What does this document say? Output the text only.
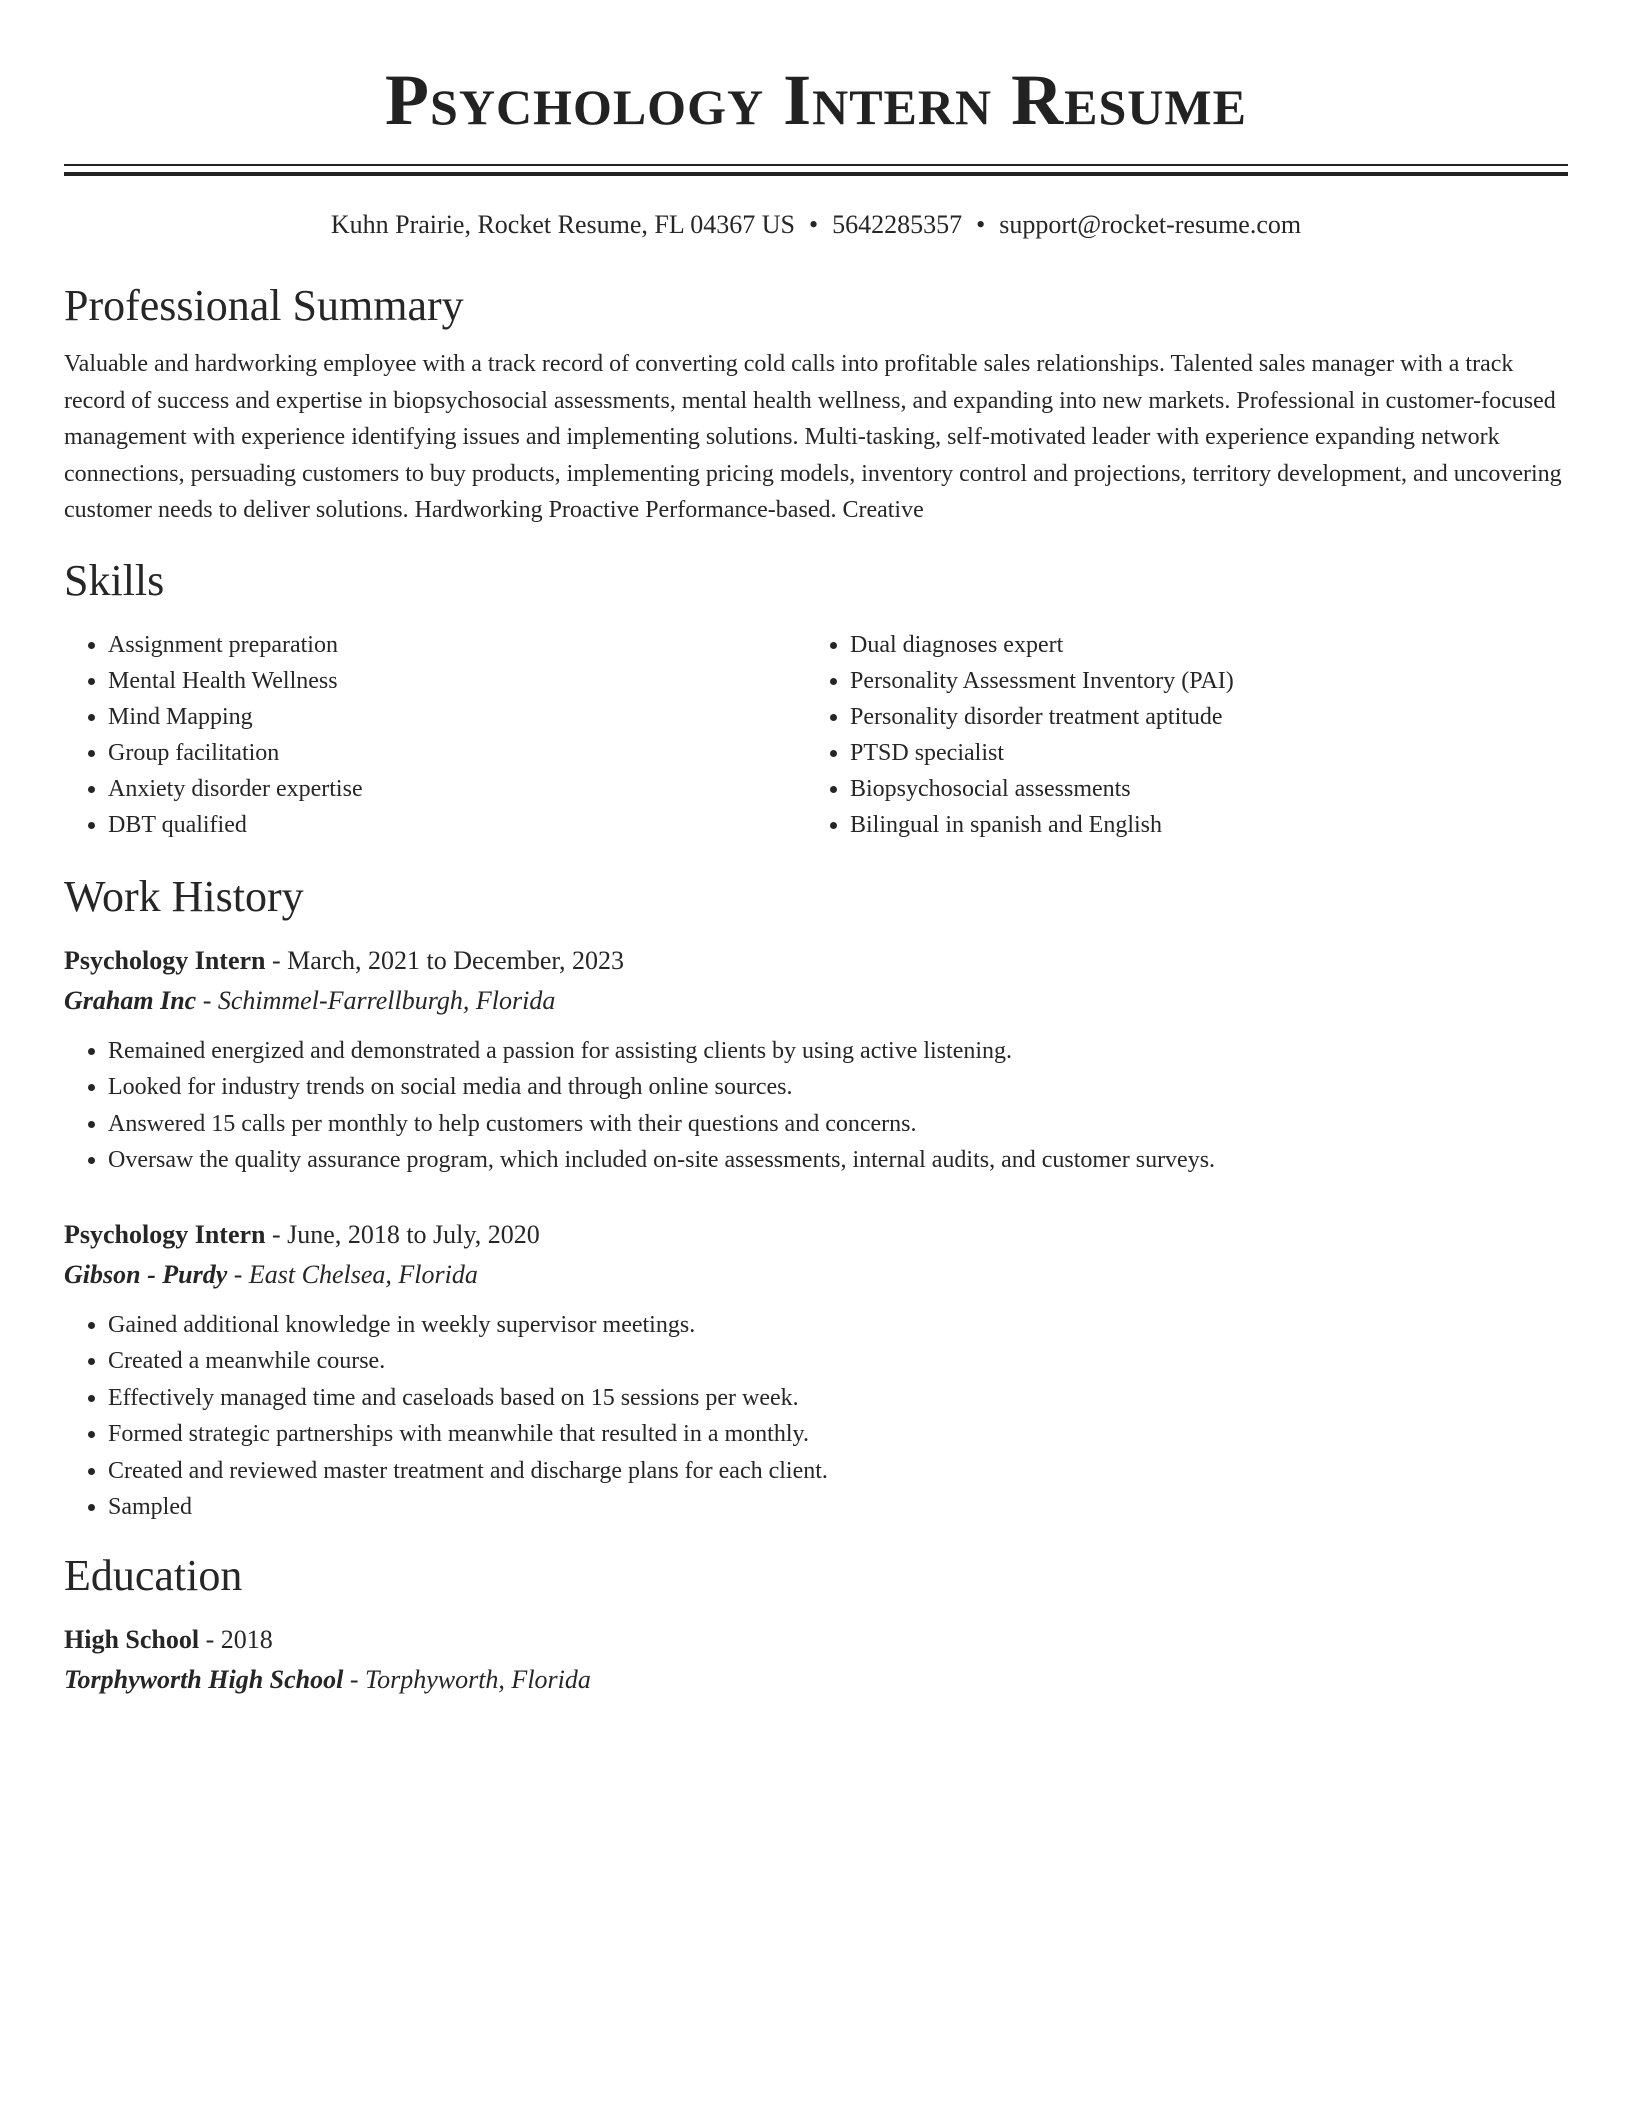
Psychology Intern Resume
Kuhn Prairie, Rocket Resume, FL 04367 US • 5642285357 • support@rocket-resume.com
Professional Summary
Valuable and hardworking employee with a track record of converting cold calls into profitable sales relationships. Talented sales manager with a track record of success and expertise in biopsychosocial assessments, mental health wellness, and expanding into new markets. Professional in customer-focused management with experience identifying issues and implementing solutions. Multi-tasking, self-motivated leader with experience expanding network connections, persuading customers to buy products, implementing pricing models, inventory control and projections, territory development, and uncovering customer needs to deliver solutions. Hardworking Proactive Performance-based. Creative
Skills
• Assignment preparation
• Mental Health Wellness
• Mind Mapping
• Group facilitation
• Anxiety disorder expertise
• DBT qualified
• Dual diagnoses expert
• Personality Assessment Inventory (PAI)
• Personality disorder treatment aptitude
• PTSD specialist
• Biopsychosocial assessments
• Bilingual in spanish and English
Work History
Psychology Intern - March, 2021 to December, 2023
Graham Inc - Schimmel-Farrellburgh, Florida
• Remained energized and demonstrated a passion for assisting clients by using active listening.
• Looked for industry trends on social media and through online sources.
• Answered 15 calls per monthly to help customers with their questions and concerns.
• Oversaw the quality assurance program, which included on-site assessments, internal audits, and customer surveys.
Psychology Intern - June, 2018 to July, 2020
Gibson - Purdy - East Chelsea, Florida
• Gained additional knowledge in weekly supervisor meetings.
• Created a meanwhile course.
• Effectively managed time and caseloads based on 15 sessions per week.
• Formed strategic partnerships with meanwhile that resulted in a monthly.
• Created and reviewed master treatment and discharge plans for each client.
• Sampled
Education
High School - 2018
Torphyworth High School - Torphyworth, Florida
